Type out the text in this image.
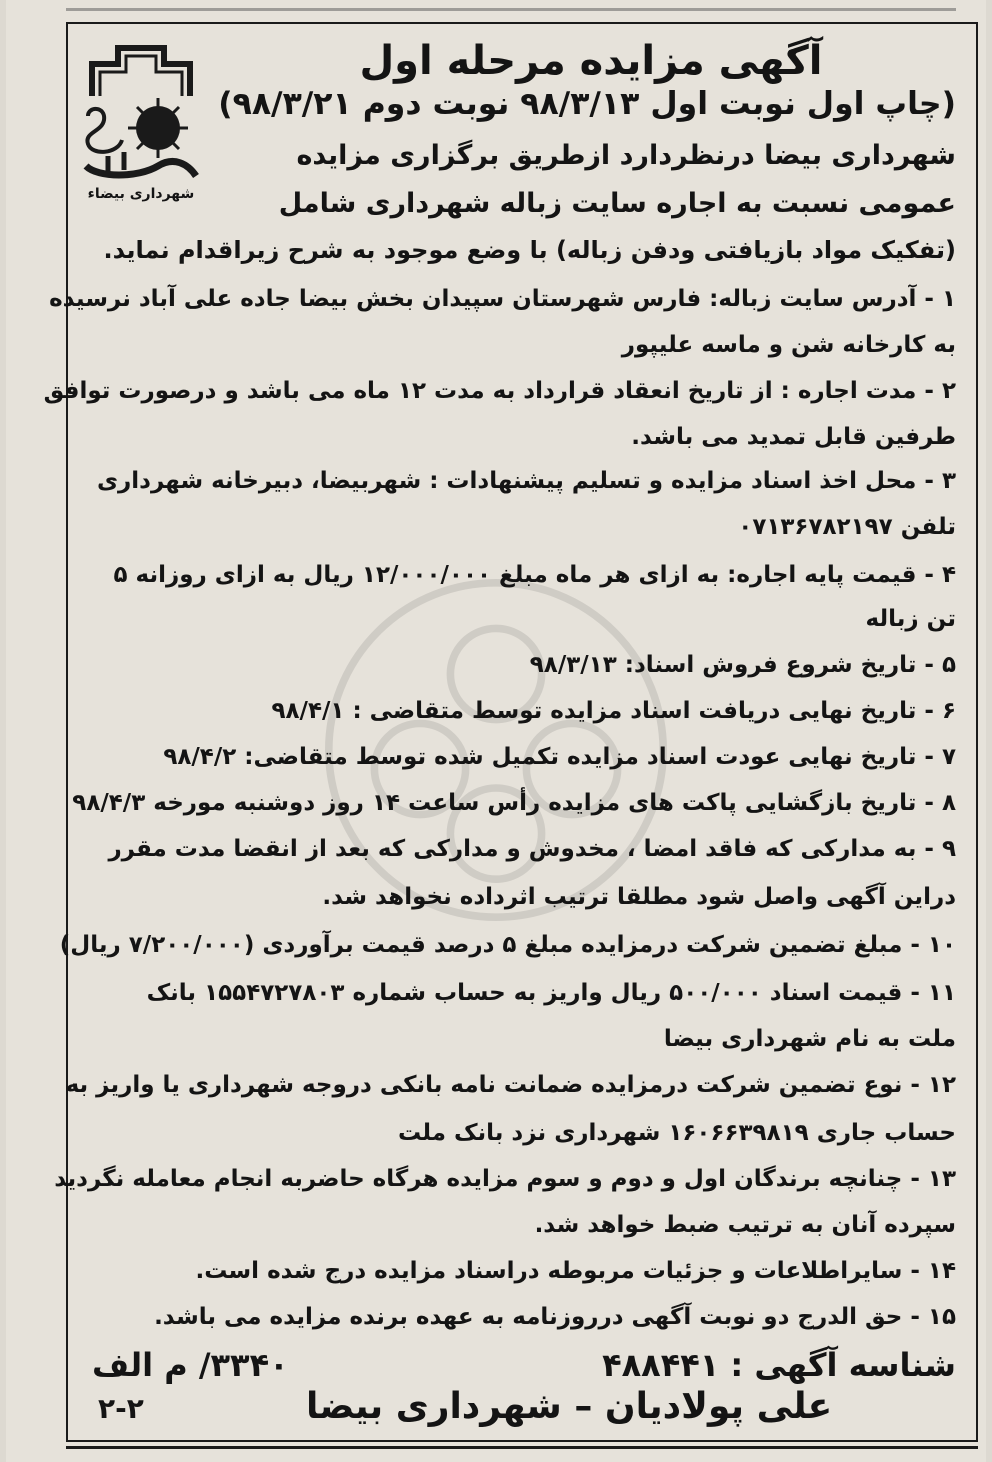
شهرداری بیضاء
آگهی مزایده مرحله اول
(چاپ اول نوبت اول ۹۸/۳/۱۳ نوبت دوم ۹۸/۳/۲۱)
شهرداری بیضا درنظردارد ازطریق برگزاری مزایده
عمومی نسبت به اجاره سایت زباله شهرداری شامل
(تفکیک مواد بازیافتی ودفن زباله) با وضع موجود به شرح زیراقدام نماید.
۱ - آدرس سایت زباله: فارس شهرستان سپیدان بخش بیضا جاده علی آباد نرسیده
به کارخانه شن و ماسه علیپور
۲ - مدت اجاره : از تاریخ انعقاد قرارداد به مدت ۱۲ ماه می باشد و درصورت توافق
طرفین قابل تمدید می باشد.
۳ - محل اخذ اسناد مزایده و تسلیم پیشنهادات : شهربیضا، دبیرخانه شهرداری
تلفن ۰۷۱۳۶۷۸۲۱۹۷
۴ - قیمت پایه اجاره: به ازای هر ماه مبلغ ۱۲/۰۰۰/۰۰۰ ریال به ازای روزانه ۵
تن زباله
۵ - تاریخ شروع فروش اسناد: ۹۸/۳/۱۳
۶ - تاریخ نهایی دریافت اسناد مزایده توسط متقاضی : ۹۸/۴/۱
۷ - تاریخ نهایی عودت اسناد مزایده تکمیل شده توسط متقاضی: ۹۸/۴/۲
۸ - تاریخ بازگشایی پاکت های مزایده رأس ساعت ۱۴ روز دوشنبه مورخه ۹۸/۴/۳
۹ - به مدارکی که فاقد امضا ، مخدوش و مدارکی که بعد از انقضا مدت مقرر
دراین آگهی واصل شود مطلقا ترتیب اثرداده نخواهد شد.
۱۰ - مبلغ تضمین شرکت درمزایده مبلغ ۵ درصد قیمت برآوردی (۷/۲۰۰/۰۰۰ ریال)
۱۱ - قیمت اسناد ۵۰۰/۰۰۰ ریال واریز به حساب شماره ۱۵۵۴۷۲۷۸۰۳ بانک
ملت به نام شهرداری بیضا
۱۲ - نوع تضمین شرکت درمزایده ضمانت نامه بانکی دروجه شهرداری یا واریز به
حساب جاری ۱۶۰۶۶۳۹۸۱۹ شهرداری نزد بانک ملت
۱۳ - چنانچه برندگان اول و دوم و سوم مزایده هرگاه حاضربه انجام معامله نگردید
سپرده آنان به ترتیب ضبط خواهد شد.
۱۴ - سایراطلاعات و جزئیات مربوطه دراسناد مزایده درج شده است.
۱۵ - حق الدرج دو نوبت آگهی درروزنامه به عهده برنده مزایده می باشد.
شناسه آگهی : ۴۸۸۴۴۱
۳۳۴۰/ م الف
علی پولادیان – شهرداری بیضا
۲-۲
